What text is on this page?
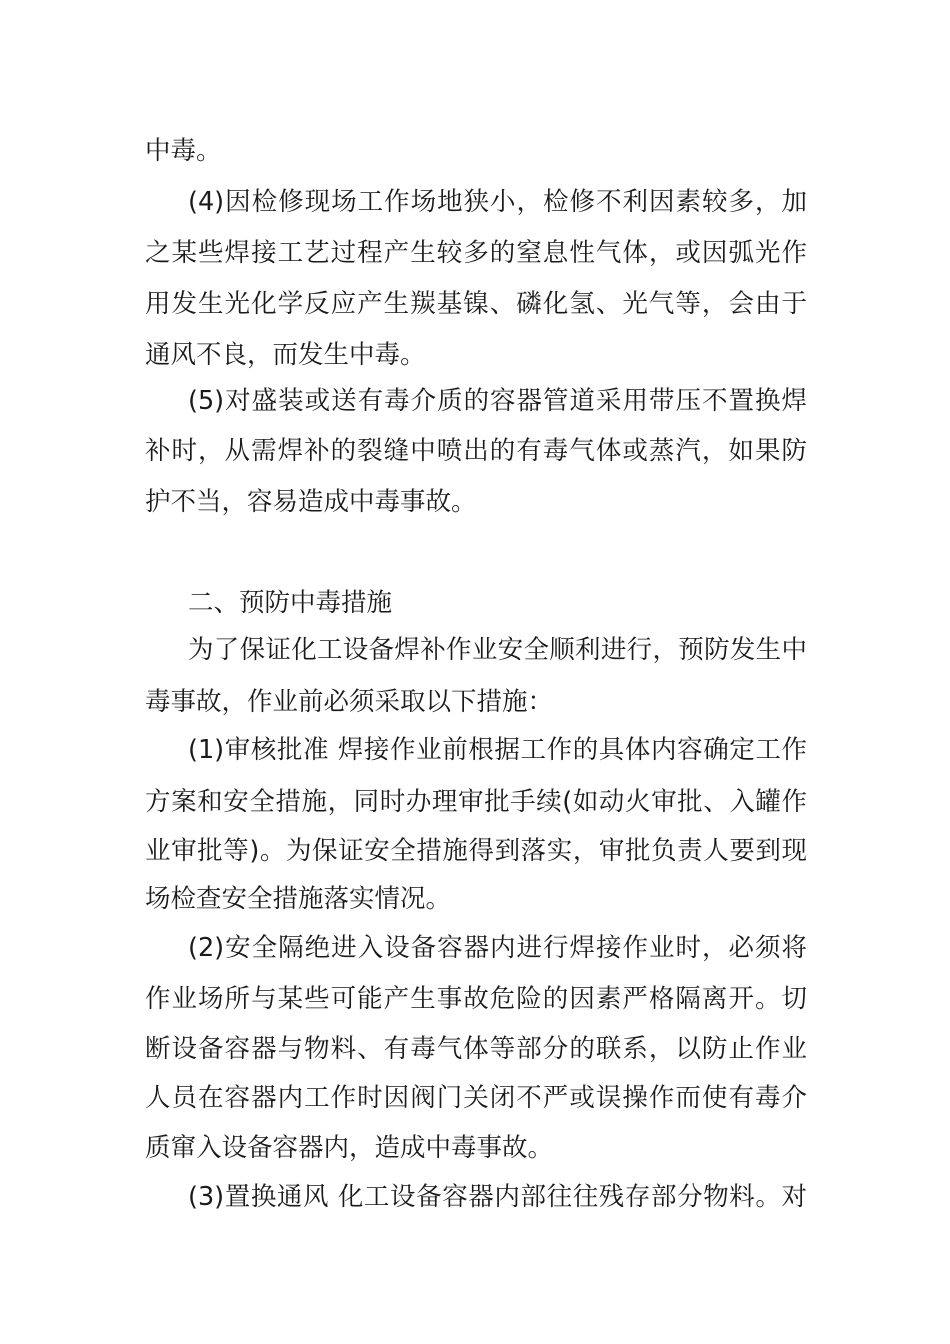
中毒。
(4)因检修现场工作场地狭小，检修不利因素较多，加
之某些焊接工艺过程产生较多的窒息性气体，或因弧光作
用发生光化学反应产生羰基镍、磷化氢、光气等，会由于
通风不良，而发生中毒。
(5)对盛装或送有毒介质的容器管道采用带压不置换焊
补时，从需焊补的裂缝中喷出的有毒气体或蒸汽，如果防
护不当，容易造成中毒事故。
二、预防中毒措施
为了保证化工设备焊补作业安全顺利进行，预防发生中
毒事故，作业前必须采取以下措施：
(1)审核批准 焊接作业前根据工作的具体内容确定工作
方案和安全措施，同时办理审批手续(如动火审批、入罐作
业审批等)。为保证安全措施得到落实，审批负责人要到现
场检查安全措施落实情况。
(2)安全隔绝进入设备容器内进行焊接作业时，必须将
作业场所与某些可能产生事故危险的因素严格隔离开。切
断设备容器与物料、有毒气体等部分的联系，以防止作业
人员在容器内工作时因阀门关闭不严或误操作而使有毒介
质窜入设备容器内，造成中毒事故。
(3)置换通风 化工设备容器内部往往残存部分物料。对
